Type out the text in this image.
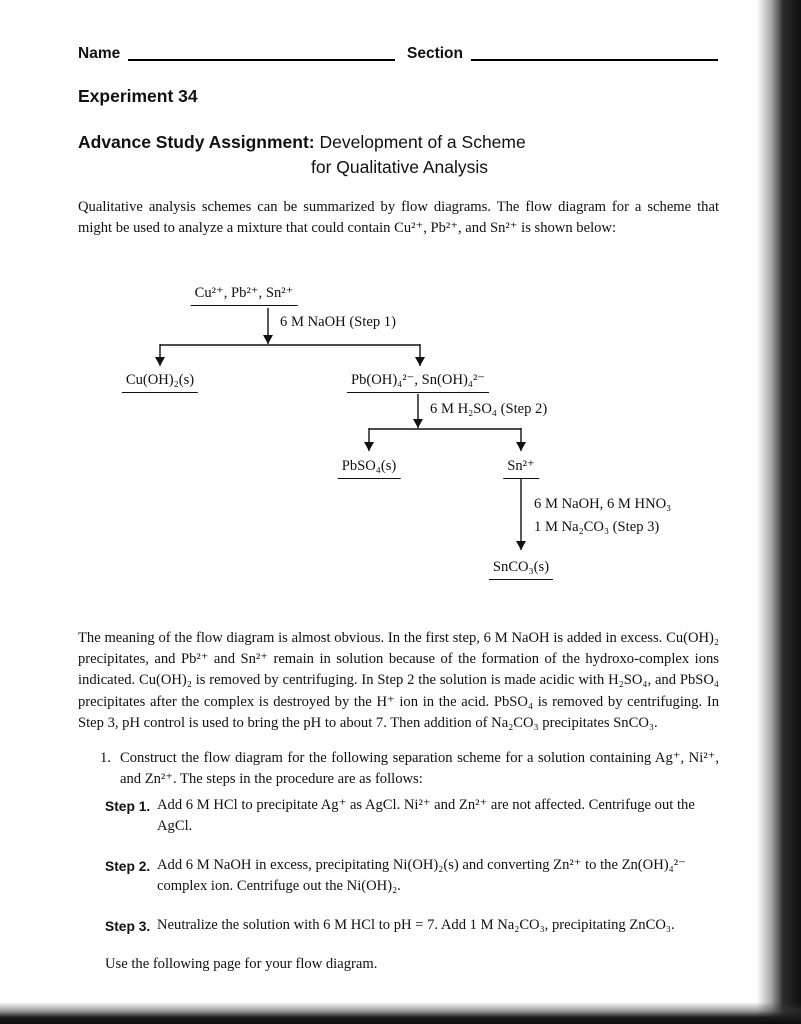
Name	Section
Experiment 34
Advance Study Assignment: Development of a Scheme
for Qualitative Analysis

Qualitative analysis schemes can be summarized by flow diagrams. The flow diagram for a scheme that might be used to analyze a mixture that could contain Cu²⁺, Pb²⁺, and Sn²⁺ is shown below:

Cu²⁺, Pb²⁺, Sn²⁺
6 M NaOH (Step 1)
Cu(OH)₂(s)	Pb(OH)₄²⁻, Sn(OH)₄²⁻
6 M H₂SO₄ (Step 2)
PbSO₄(s)	Sn²⁺
6 M NaOH, 6 M HNO₃
1 M Na₂CO₃ (Step 3)
SnCO₃(s)

The meaning of the flow diagram is almost obvious. In the first step, 6 M NaOH is added in excess. Cu(OH)₂ precipitates, and Pb²⁺ and Sn²⁺ remain in solution because of the formation of the hydroxo-complex ions indicated. Cu(OH)₂ is removed by centrifuging. In Step 2 the solution is made acidic with H₂SO₄, and PbSO₄ precipitates after the complex is destroyed by the H⁺ ion in the acid. PbSO₄ is removed by centrifuging. In Step 3, pH control is used to bring the pH to about 7. Then addition of Na₂CO₃ precipitates SnCO₃.

1. Construct the flow diagram for the following separation scheme for a solution containing Ag⁺, Ni²⁺, and Zn²⁺. The steps in the procedure are as follows:
Step 1. Add 6 M HCl to precipitate Ag⁺ as AgCl. Ni²⁺ and Zn²⁺ are not affected. Centrifuge out the AgCl.
Step 2. Add 6 M NaOH in excess, precipitating Ni(OH)₂(s) and converting Zn²⁺ to the Zn(OH)₄²⁻ complex ion. Centrifuge out the Ni(OH)₂.
Step 3. Neutralize the solution with 6 M HCl to pH = 7. Add 1 M Na₂CO₃, precipitating ZnCO₃.
Use the following page for your flow diagram.
